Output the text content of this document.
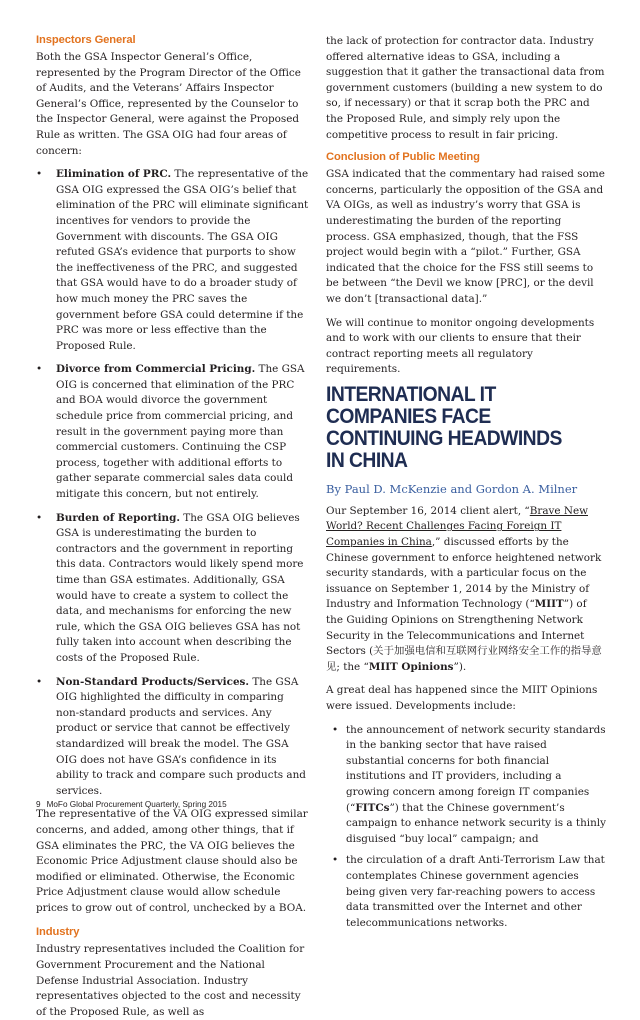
Inspectors General

Both the GSA Inspector General’s Office, represented by the Program Director of the Office of Audits, and the Veterans’ Affairs Inspector General’s Office, represented by the Counselor to the Inspector General, were against the Proposed Rule as written. The GSA OIG had four areas of concern:

• Elimination of PRC. The representative of the GSA OIG expressed the GSA OIG’s belief that elimination of the PRC will eliminate significant incentives for vendors to provide the Government with discounts. The GSA OIG refuted GSA’s evidence that purports to show the ineffectiveness of the PRC, and suggested that GSA would have to do a broader study of how much money the PRC saves the government before GSA could determine if the PRC was more or less effective than the Proposed Rule.
• Divorce from Commercial Pricing. The GSA OIG is concerned that elimination of the PRC and BOA would divorce the government schedule price from commercial pricing, and result in the government paying more than commercial customers. Continuing the CSP process, together with additional efforts to gather separate commercial sales data could mitigate this concern, but not entirely.
• Burden of Reporting. The GSA OIG believes GSA is underestimating the burden to contractors and the government in reporting this data. Contractors would likely spend more time than GSA estimates. Additionally, GSA would have to create a system to collect the data, and mechanisms for enforcing the new rule, which the GSA OIG believes GSA has not fully taken into account when describing the costs of the Proposed Rule.
• Non-Standard Products/Services. The GSA OIG highlighted the difficulty in comparing non-standard products and services. Any product or service that cannot be effectively standardized will break the model. The GSA OIG does not have GSA’s confidence in its ability to track and compare such products and services.

The representative of the VA OIG expressed similar concerns, and added, among other things, that if GSA eliminates the PRC, the VA OIG believes the Economic Price Adjustment clause should also be modified or eliminated. Otherwise, the Economic Price Adjustment clause would allow schedule prices to grow out of control, unchecked by a BOA.

Industry

Industry representatives included the Coalition for Government Procurement and the National Defense Industrial Association. Industry representatives objected to the cost and necessity of the Proposed Rule, as well as

the lack of protection for contractor data. Industry offered alternative ideas to GSA, including a suggestion that it gather the transactional data from government customers (building a new system to do so, if necessary) or that it scrap both the PRC and the Proposed Rule, and simply rely upon the competitive process to result in fair pricing.

Conclusion of Public Meeting

GSA indicated that the commentary had raised some concerns, particularly the opposition of the GSA and VA OIGs, as well as industry’s worry that GSA is underestimating the burden of the reporting process. GSA emphasized, though, that the FSS project would begin with a “pilot.” Further, GSA indicated that the choice for the FSS still seems to be between “the Devil we know [PRC], or the devil we don’t [transactional data].”

We will continue to monitor ongoing developments and to work with our clients to ensure that their contract reporting meets all regulatory requirements.

INTERNATIONAL IT COMPANIES FACE CONTINUING HEADWINDS IN CHINA
By Paul D. McKenzie and Gordon A. Milner

Our September 16, 2014 client alert, “Brave New World? Recent Challenges Facing Foreign IT Companies in China,” discussed efforts by the Chinese government to enforce heightened network security standards, with a particular focus on the issuance on September 1, 2014 by the Ministry of Industry and Information Technology (“MIIT”) of the Guiding Opinions on Strengthening Network Security in the Telecommunications and Internet Sectors (关于加强电信和互联网行业网络安全工作的指导意见; the “MIIT Opinions”).

A great deal has happened since the MIIT Opinions were issued. Developments include:

• the announcement of network security standards in the banking sector that have raised substantial concerns for both financial institutions and IT providers, including a growing concern among foreign IT companies (“FITCs”) that the Chinese government’s campaign to enhance network security is a thinly disguised “buy local” campaign; and
• the circulation of a draft Anti-Terrorism Law that contemplates Chinese government agencies being given very far-reaching powers to access data transmitted over the Internet and other telecommunications networks.
9 MoFo Global Procurement Quarterly, Spring 2015
